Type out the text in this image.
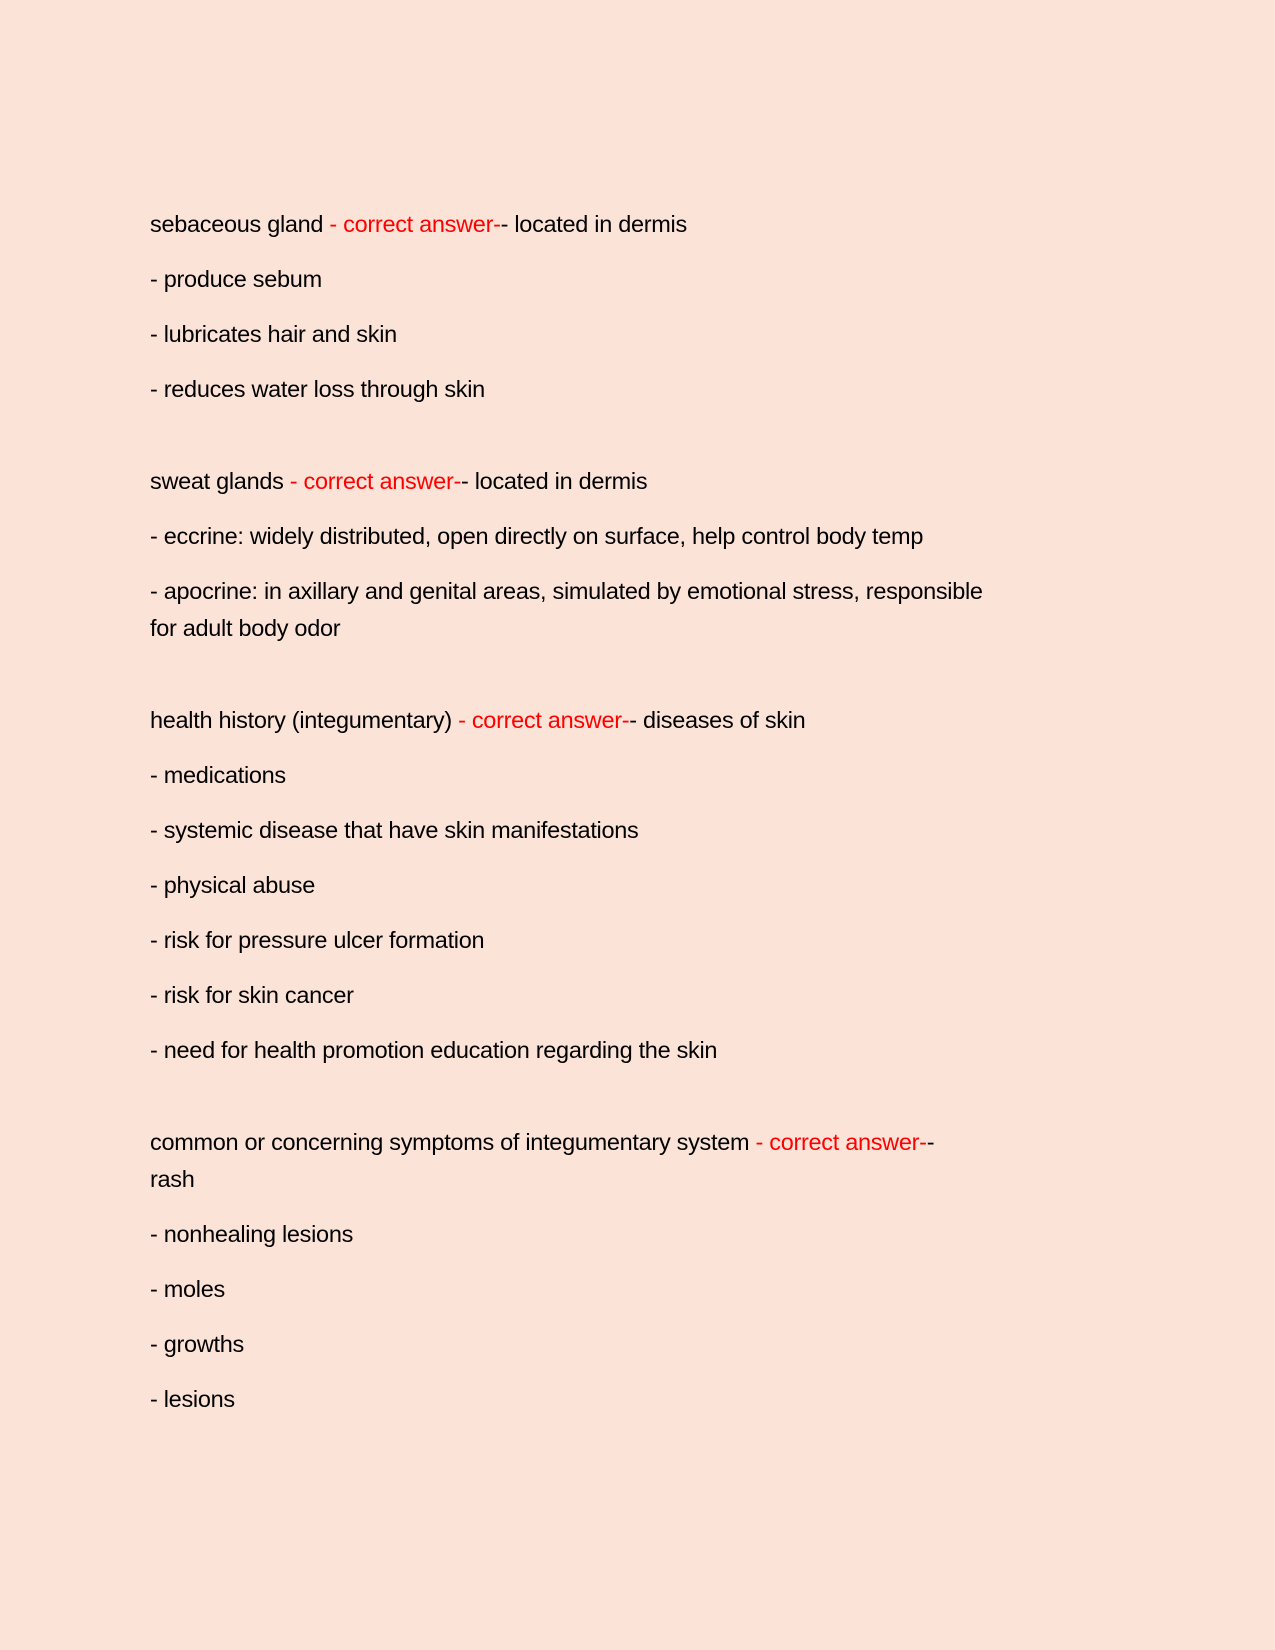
sebaceous gland - correct answer-- located in dermis
- produce sebum
- lubricates hair and skin
- reduces water loss through skin
sweat glands - correct answer-- located in dermis
- eccrine: widely distributed, open directly on surface, help control body temp
- apocrine: in axillary and genital areas, simulated by emotional stress, responsible
for adult body odor
health history (integumentary) - correct answer-- diseases of skin
- medications
- systemic disease that have skin manifestations
- physical abuse
- risk for pressure ulcer formation
- risk for skin cancer
- need for health promotion education regarding the skin
common or concerning symptoms of integumentary system - correct answer--
rash
- nonhealing lesions
- moles
- growths
- lesions
